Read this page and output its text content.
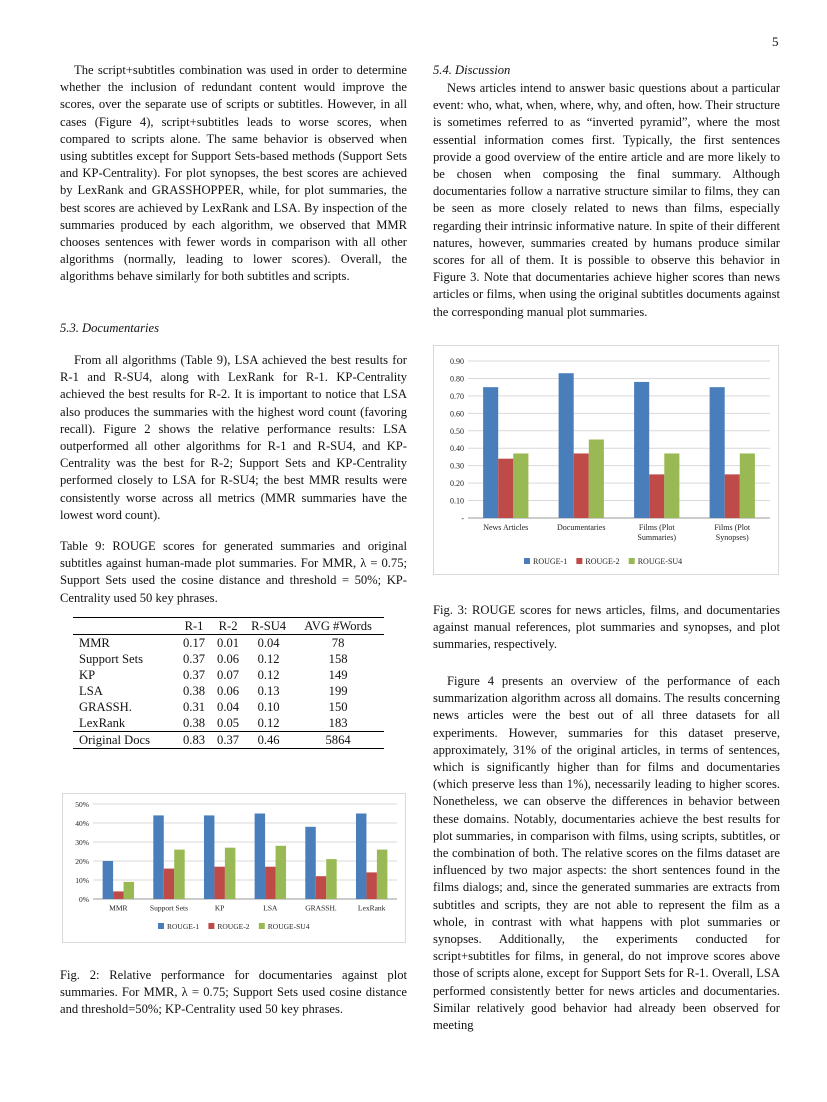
5

The script+subtitles combination was used in order to determine whether the inclusion of redundant content would improve the scores, over the separate use of scripts or subtitles. However, in all cases (Figure 4), script+subtitles leads to worse scores, when compared to scripts alone. The same behavior is observed when using subtitles except for Support Sets-based methods (Support Sets and KP-Centrality). For plot synopses, the best scores are achieved by LexRank and GRASSHOPPER, while, for plot summaries, the best scores are achieved by LexRank and LSA. By inspection of the summaries produced by each algorithm, we observed that MMR chooses sentences with fewer words in comparison with all other algorithms (normally, leading to lower scores). Overall, the algorithms behave similarly for both subtitles and scripts.

5.3. Documentaries

From all algorithms (Table 9), LSA achieved the best results for R-1 and R-SU4, along with LexRank for R-1. KP-Centrality achieved the best results for R-2. It is important to notice that LSA also produces the summaries with the highest word count (favoring recall). Figure 2 shows the relative performance results: LSA outperformed all other algorithms for R-1 and R-SU4, and KP-Centrality was the best for R-2; Support Sets and KP-Centrality performed closely to LSA for R-SU4; the best MMR results were consistently worse across all metrics (MMR summaries have the lowest word count).

Table 9: ROUGE scores for generated summaries and original subtitles against human-made plot summaries. For MMR, λ = 0.75; Support Sets used the cosine distance and threshold = 50%; KP-Centrality used 50 key phrases.

	R-1	R-2	R-SU4	AVG #Words
MMR	0.17	0.01	0.04	78
Support Sets	0.37	0.06	0.12	158
KP	0.37	0.07	0.12	149
LSA	0.38	0.06	0.13	199
GRASSH.	0.31	0.04	0.10	150
LexRank	0.38	0.05	0.12	183
Original Docs	0.83	0.37	0.46	5864
0%
10%
20%
30%
40%
50%
MMR	Support Sets	KP	LSA	GRASSH.	LexRank
ROUGE-1 ROUGE-2 ROUGE-SU4

Fig. 2: Relative performance for documentaries against plot summaries. For MMR, λ = 0.75; Support Sets used cosine distance and threshold=50%; KP-Centrality used 50 key phrases.

5.4. Discussion

News articles intend to answer basic questions about a particular event: who, what, when, where, why, and often, how. Their structure is sometimes referred to as “inverted pyramid”, where the most essential information comes first. Typically, the first sentences provide a good overview of the entire article and are more likely to be chosen when composing the final summary. Although documentaries follow a narrative structure similar to films, they can be seen as more closely related to news than films, especially regarding their intrinsic informative nature. In spite of their different natures, however, summaries created by humans produce similar scores for all of them. It is possible to observe this behavior in Figure 3. Note that documentaries achieve higher scores than news articles or films, when using the original subtitles documents against the corresponding manual plot summaries.

-
0.10
0.20
0.30
0.40
0.50
0.60
0.70
0.80
0.90
News Articles	Documentaries	Films (Plot
Summaries)
Films (Plot
Synopses)
ROUGE-1 ROUGE-2 ROUGE-SU4

Fig. 3: ROUGE scores for news articles, films, and documentaries against manual references, plot summaries and synopses, and plot summaries, respectively.

Figure 4 presents an overview of the performance of each summarization algorithm across all domains. The results concerning news articles were the best out of all three datasets for all experiments. However, summaries for this dataset preserve, approximately, 31% of the original articles, in terms of sentences, which is significantly higher than for films and documentaries (which preserve less than 1%), necessarily leading to higher scores. Nonetheless, we can observe the differences in behavior between these domains. Notably, documentaries achieve the best results for plot summaries, in comparison with films, using scripts, subtitles, or the combination of both. The relative scores on the films dataset are influenced by two major aspects: the short sentences found in the films dialogs; and, since the generated summaries are extracts from subtitles and scripts, they are not able to represent the film as a whole, in contrast with what happens with plot summaries or synopses. Additionally, the experiments conducted for script+subtitles for films, in general, do not improve scores above those of scripts alone, except for Support Sets for R-1. Overall, LSA performed consistently better for news articles and documentaries. Similar relatively good behavior had already been observed for meeting
